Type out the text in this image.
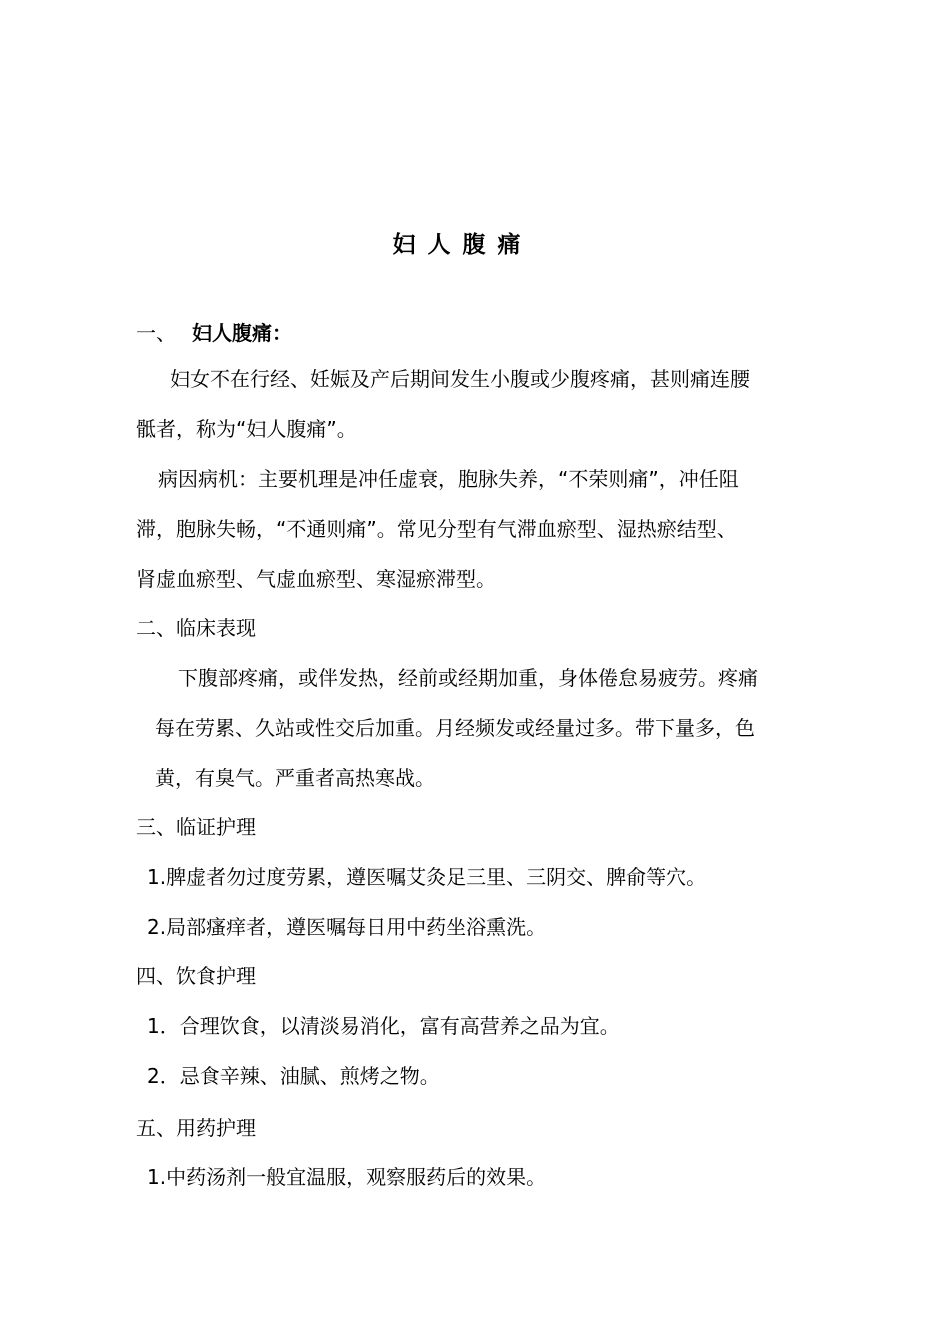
妇人腹痛
一、 妇人腹痛：
妇女不在行经、妊娠及产后期间发生小腹或少腹疼痛，甚则痛连腰
骶者，称为“妇人腹痛”。
病因病机：主要机理是冲任虚衰，胞脉失养，“不荣则痛”，冲任阻
滞，胞脉失畅，“不通则痛”。常见分型有气滞血瘀型、湿热瘀结型、
肾虚血瘀型、气虚血瘀型、寒湿瘀滞型。
二、临床表现
下腹部疼痛，或伴发热，经前或经期加重，身体倦怠易疲劳。疼痛
每在劳累、久站或性交后加重。月经频发或经量过多。带下量多，色
黄，有臭气。严重者高热寒战。
三、临证护理
1.脾虚者勿过度劳累，遵医嘱艾灸足三里、三阴交、脾俞等穴。
2.局部瘙痒者，遵医嘱每日用中药坐浴熏洗。
四、饮食护理
1．合理饮食，以清淡易消化，富有高营养之品为宜。
2．忌食辛辣、油腻、煎烤之物。
五、用药护理
1.中药汤剂一般宜温服，观察服药后的效果。
